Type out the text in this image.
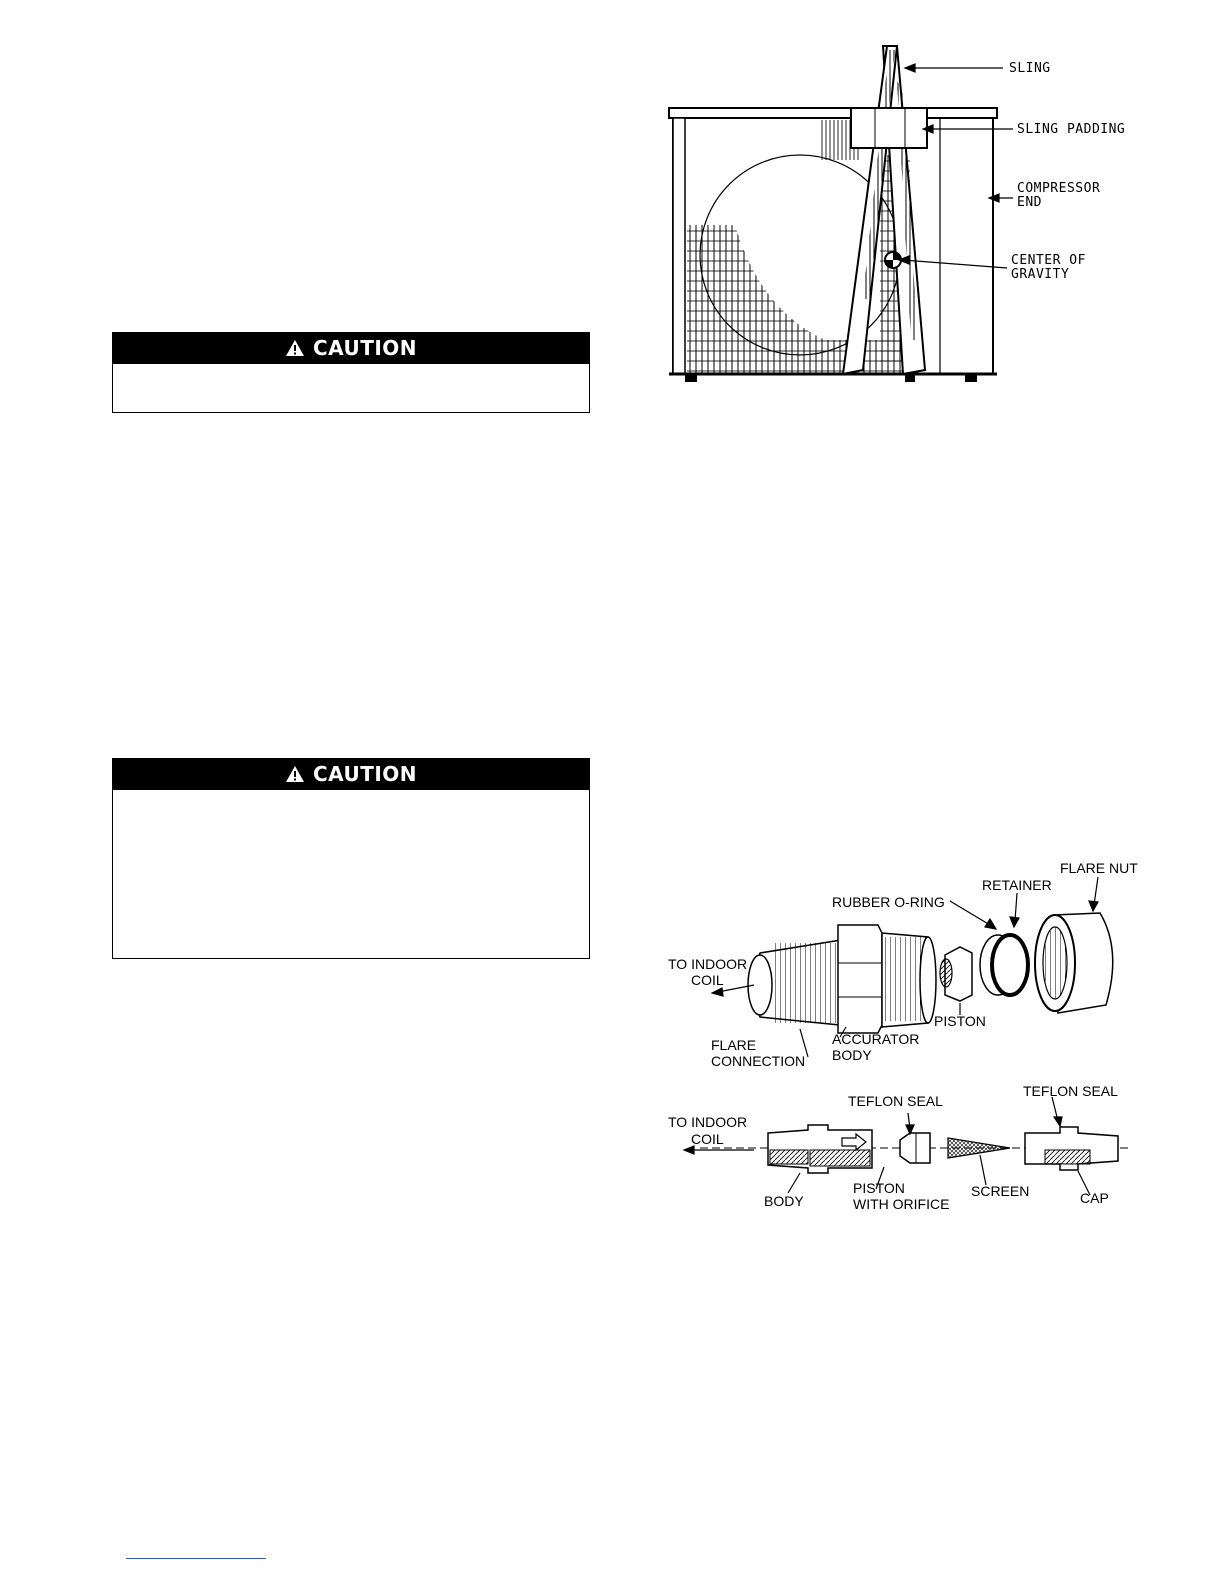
CAUTION
CAUTION
SLING
SLING PADDING
COMPRESSOR
END
CENTER OF
GRAVITY
FLARE NUT
RETAINER
RUBBER O-RING
TO INDOOR
COIL
PISTON
ACCURATOR
BODY
FLARE
CONNECTION
TEFLON SEAL
TEFLON SEAL
TO INDOOR
COIL
BODY
PISTON
WITH ORIFICE
SCREEN	CAP
